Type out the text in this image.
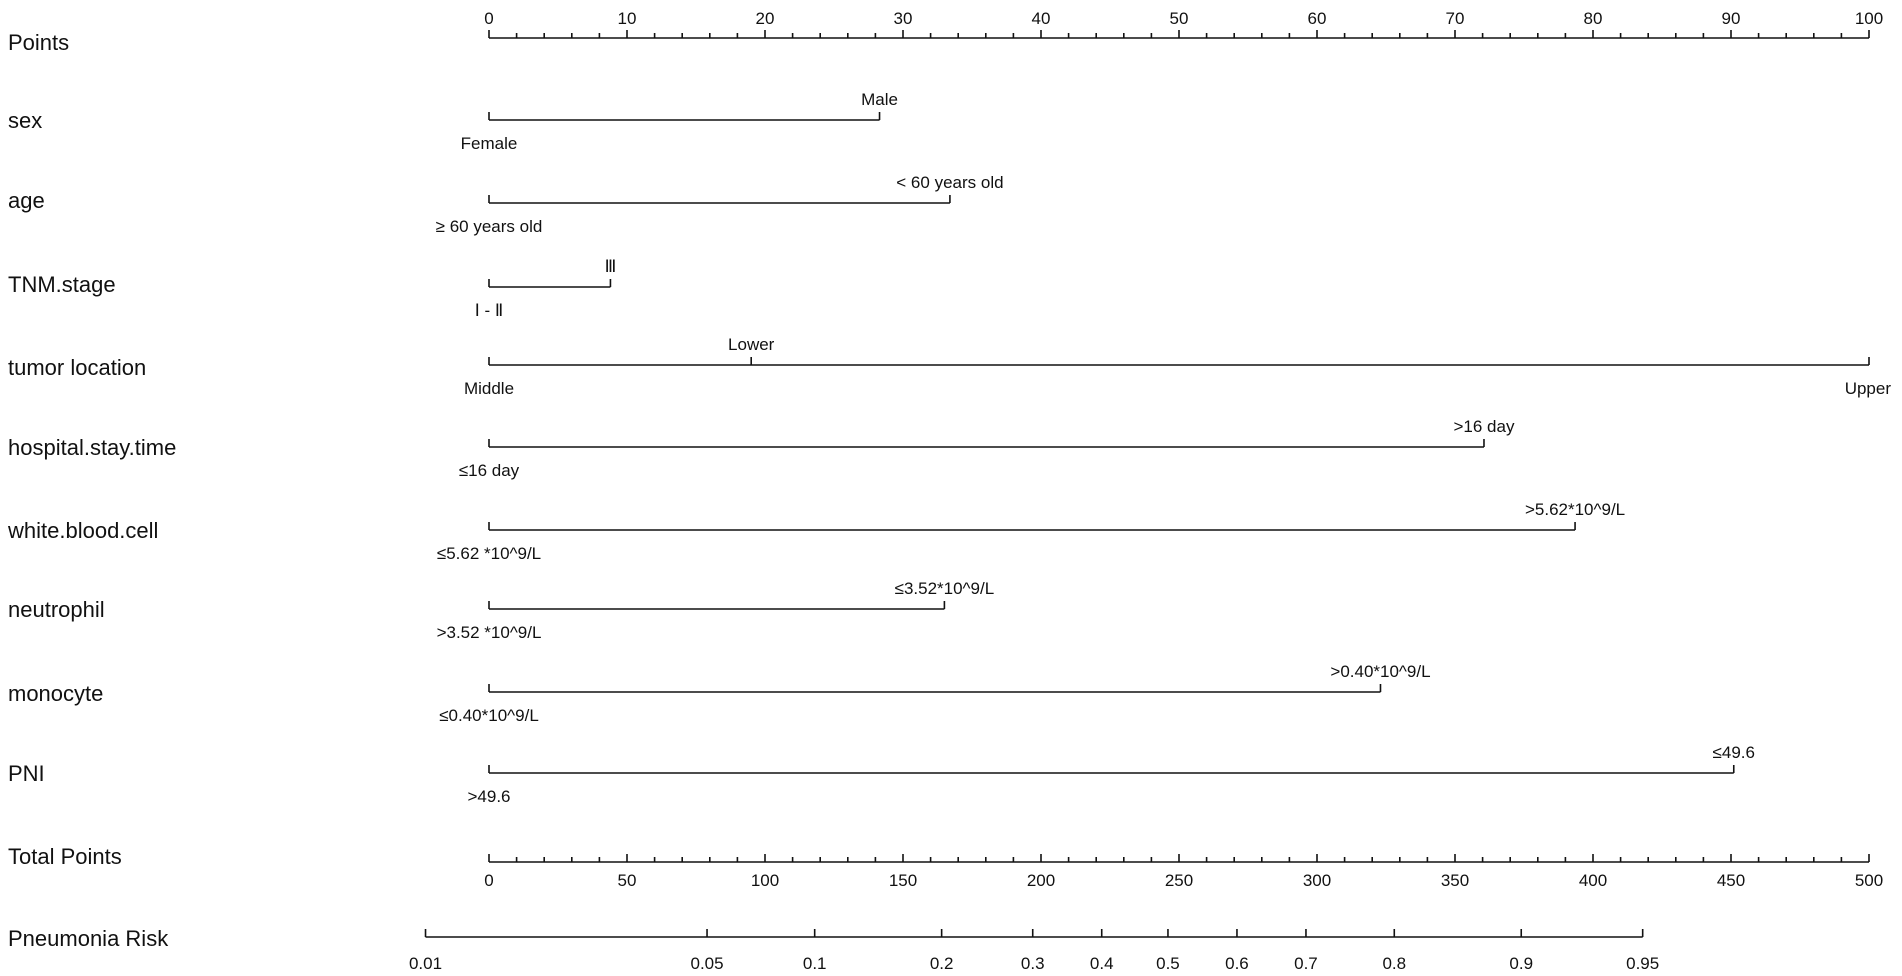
Points
0	10	20	30	40	50	60	70	80	90	100
sex
Female
Male
age
≥ 60 years old
< 60 years old
TNM.stage
Ⅰ - Ⅱ
Ⅲ
tumor location
Middle
Lower
Upper
hospital.stay.time
≤16 day
>16 day
white.blood.cell
≤5.62 *10^9/L
>5.62*10^9/L
neutrophil
>3.52 *10^9/L
≤3.52*10^9/L
monocyte
≤0.40*10^9/L
>0.40*10^9/L
PNI
>49.6
≤49.6
Total Points
0	50	100	150	200	250	300	350	400	450	500
Pneumonia Risk
0.01	0.05	0.1	0.2	0.3	0.4	0.5	0.6	0.7	0.8	0.9	0.95
